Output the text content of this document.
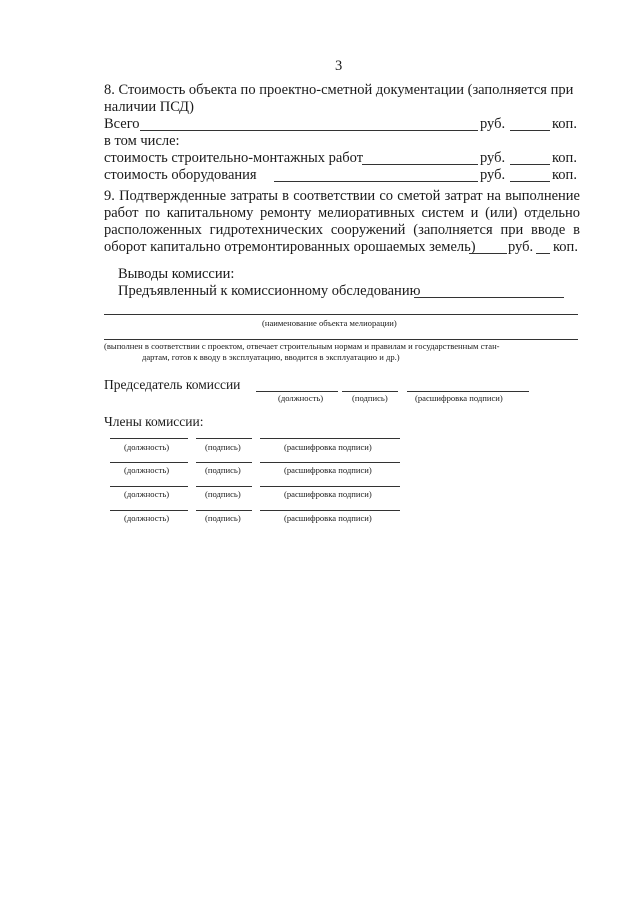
3
8. Стоимость объекта по проектно-сметной документации (заполняется при
наличии ПСД)
Всего	руб.	коп.
в том числе:
стоимость строительно-монтажных работ	руб.	коп.
стоимость оборудования	руб.	коп.
9. Подтвержденные затраты в соответствии со сметой затрат на выполнение
работ по капитальному ремонту мелиоративных систем и (или) отдельно
расположенных гидротехнических сооружений (заполняется при вводе в
оборот капитально отремонтированных орошаемых земель) руб. коп.
Выводы комиссии:
Предъявленный к комиссионному обследованию
(наименование объекта мелиорации)
(выполнен в соответствии с проектом, отвечает строительным нормам и правилам и государственным стан-
дартам, готов к вводу в эксплуатацию, вводится в эксплуатацию и др.)
Председатель комиссии
(должность)	(подпись)	(расшифровка подписи)
Члены комиссии:
(должность)	(подпись)	(расшифровка подписи)
(должность)	(подпись)	(расшифровка подписи)
(должность)	(подпись)	(расшифровка подписи)
(должность)	(подпись)	(расшифровка подписи)
